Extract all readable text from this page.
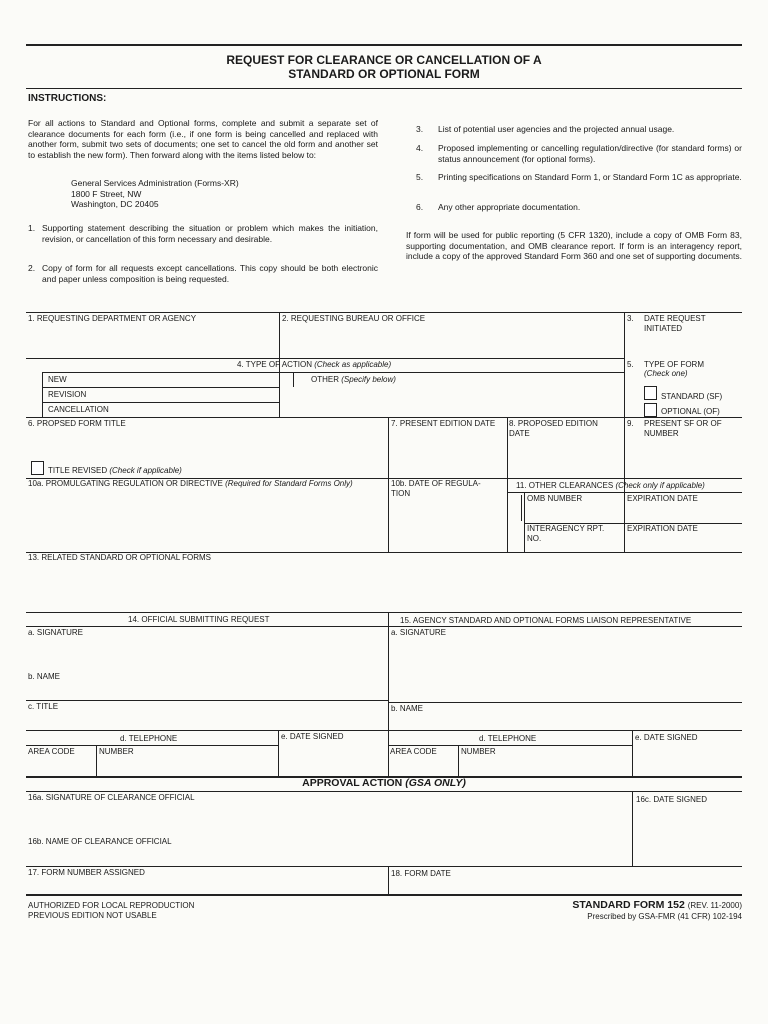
REQUEST FOR CLEARANCE OR CANCELLATION OF A
STANDARD OR OPTIONAL FORM
INSTRUCTIONS:
For all actions to Standard and Optional forms, complete and submit a separate set of clearance documents for each form (i.e., if one form is being cancelled and replaced with another form, submit two sets of documents; one set to cancel the old form and another set to establish the new form). Then forward along with the items listed below to:
General Services Administration (Forms-XR)
1800 F Street, NW
Washington, DC 20405
1. Supporting statement describing the situation or problem which makes the initiation, revision, or cancellation of this form necessary and desirable.
2. Copy of form for all requests except cancellations. This copy should be both electronic and paper unless composition is being requested.
3. List of potential user agencies and the projected annual usage.
4. Proposed implementing or cancelling regulation/directive (for standard forms) or status announcement (for optional forms).
5. Printing specifications on Standard Form 1, or Standard Form 1C as appropriate.
6. Any other appropriate documentation.
If form will be used for public reporting (5 CFR 1320), include a copy of OMB Form 83, supporting documentation, and OMB clearance report. If form is an interagency report, include a copy of the approved Standard Form 360 and one set of supporting documents.
1. REQUESTING DEPARTMENT OR AGENCY	2. REQUESTING BUREAU OR OFFICE	3. DATE REQUEST INITIATED
4. TYPE OF ACTION (Check as applicable)
NEW
REVISION
CANCELLATION
OTHER (Specify below)
5. TYPE OF FORM
(Check one)
STANDARD (SF)
OPTIONAL (OF)
6. PROPSED FORM TITLE
TITLE REVISED (Check if applicable)
7. PRESENT EDITION DATE 8. PROPOSED EDITION DATE
9. PRESENT SF OR OF NUMBER
10a. PROMULGATING REGULATION OR DIRECTIVE (Required for Standard Forms Only)	10b. DATE OF REGULA- TION
11. OTHER CLEARANCES (Check only if applicable)
OMB NUMBER	EXPIRATION DATE
INTERAGENCY RPT. NO.
EXPIRATION DATE
13. RELATED STANDARD OR OPTIONAL FORMS
14. OFFICIAL SUBMITTING REQUEST	15. AGENCY STANDARD AND OPTIONAL FORMS LIAISON REPRESENTATIVE
a. SIGNATURE	a. SIGNATURE
b. NAME
c. TITLE	b. NAME
d. TELEPHONE	e. DATE SIGNED	d. TELEPHONE	e. DATE SIGNED
AREA CODE	NUMBER	AREA CODE	NUMBER
APPROVAL ACTION (GSA ONLY)
16a. SIGNATURE OF CLEARANCE OFFICIAL	16c. DATE SIGNED
16b. NAME OF CLEARANCE OFFICIAL
17. FORM NUMBER ASSIGNED	18. FORM DATE
AUTHORIZED FOR LOCAL REPRODUCTION
PREVIOUS EDITION NOT USABLE
STANDARD FORM 152 (REV. 11-2000)
Prescribed by GSA-FMR (41 CFR) 102-194
